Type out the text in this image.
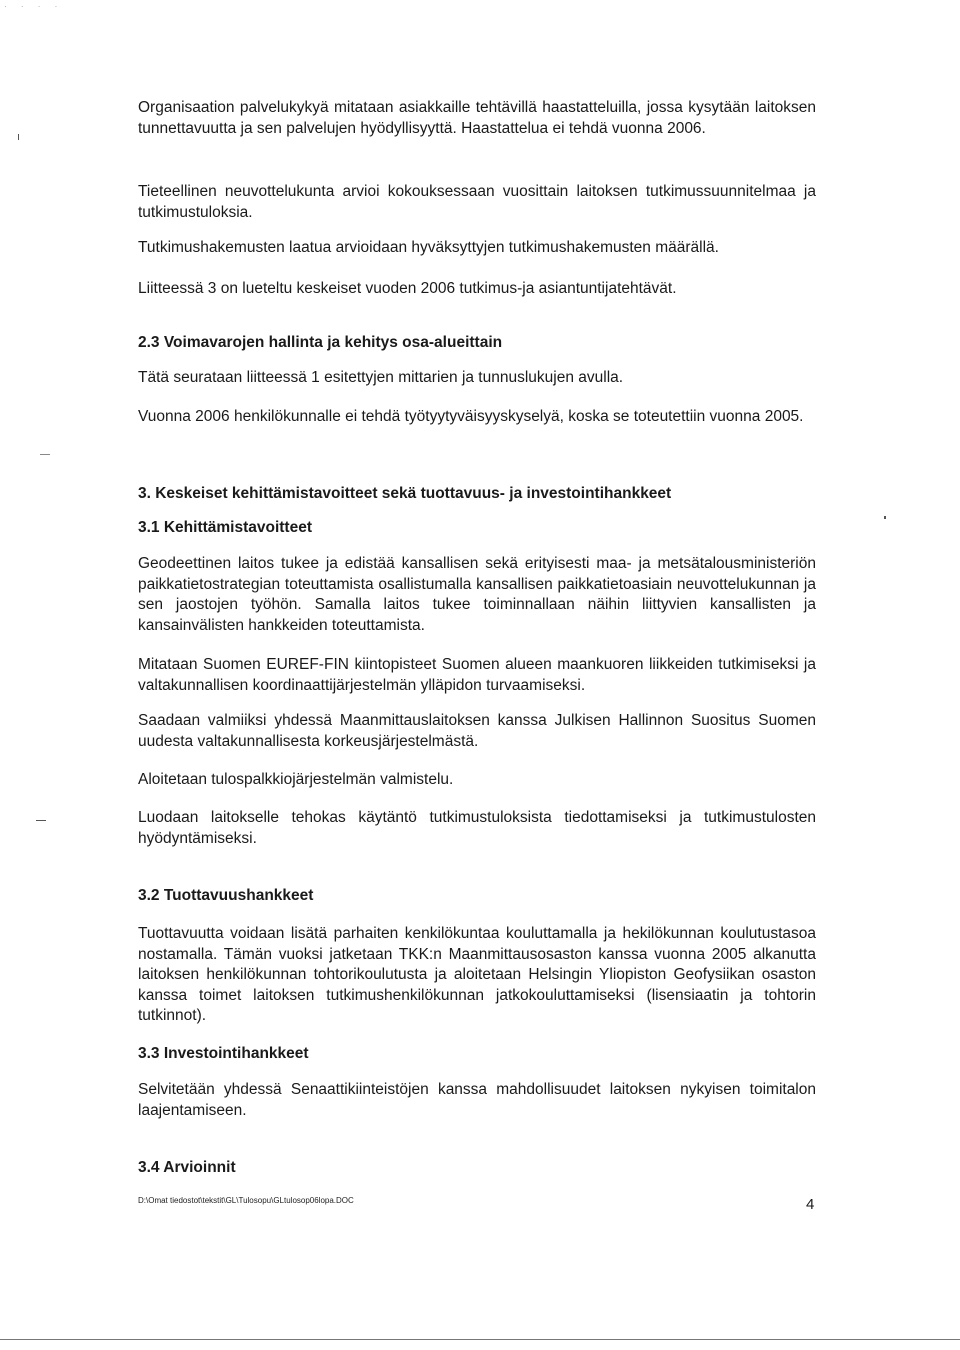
· · · ·

Organisaation palvelukykyä mitataan asiakkaille tehtävillä haastatteluilla, jossa kysytään laitoksen tunnettavuutta ja sen palvelujen hyödyllisyyttä. Haastattelua ei tehdä vuonna 2006.

Tieteellinen neuvottelukunta arvioi kokouksessaan vuosittain laitoksen tutkimussuunnitelmaa ja tutkimustuloksia.

Tutkimushakemusten laatua arvioidaan hyväksyttyjen tutkimushakemusten määrällä.

Liitteessä 3 on lueteltu keskeiset vuoden 2006 tutkimus-ja asiantuntijatehtävät.

2.3 Voimavarojen hallinta ja kehitys osa-alueittain

Tätä seurataan liitteessä 1 esitettyjen mittarien ja tunnuslukujen avulla.

Vuonna 2006 henkilökunnalle ei tehdä työtyytyväisyyskyselyä, koska se toteutettiin vuonna 2005.

3. Keskeiset kehittämistavoitteet sekä tuottavuus- ja investointihankkeet
3.1 Kehittämistavoitteet

Geodeettinen laitos tukee ja edistää kansallisen sekä erityisesti maa- ja metsätalousministeriön paikkatietostrategian toteuttamista osallistumalla kansallisen paikkatietoasiain neuvottelukunnan ja sen jaostojen työhön. Samalla laitos tukee toiminnallaan näihin liittyvien kansallisten ja kansainvälisten hankkeiden toteuttamista.

Mitataan Suomen EUREF-FIN kiintopisteet Suomen alueen maankuoren liikkeiden tutkimiseksi ja valtakunnallisen koordinaattijärjestelmän ylläpidon turvaamiseksi.

Saadaan valmiiksi yhdessä Maanmittauslaitoksen kanssa Julkisen Hallinnon Suositus Suomen uudesta valtakunnallisesta korkeusjärjestelmästä.

Aloitetaan tulospalkkiojärjestelmän valmistelu.

Luodaan laitokselle tehokas käytäntö tutkimustuloksista tiedottamiseksi ja tutkimustulosten hyödyntämiseksi.

3.2 Tuottavuushankkeet

Tuottavuutta voidaan lisätä parhaiten kenkilökuntaa kouluttamalla ja hekilökunnan koulutustasoa nostamalla. Tämän vuoksi jatketaan TKK:n Maanmittausosaston kanssa vuonna 2005 alkanutta laitoksen henkilökunnan tohtorikoulutusta ja aloitetaan Helsingin Yliopiston Geofysiikan osaston kanssa toimet laitoksen tutkimushenkilökunnan jatkokouluttamiseksi (lisensiaatin ja tohtorin tutkinnot).

3.3 Investointihankkeet

Selvitetään yhdessä Senaattikiinteistöjen kanssa mahdollisuudet laitoksen nykyisen toimitalon laajentamiseen.

3.4 Arvioinnit

D:\Omat tiedostot\tekstit\GL\Tulosopu\GLtulosop06lopa.DOC	4
